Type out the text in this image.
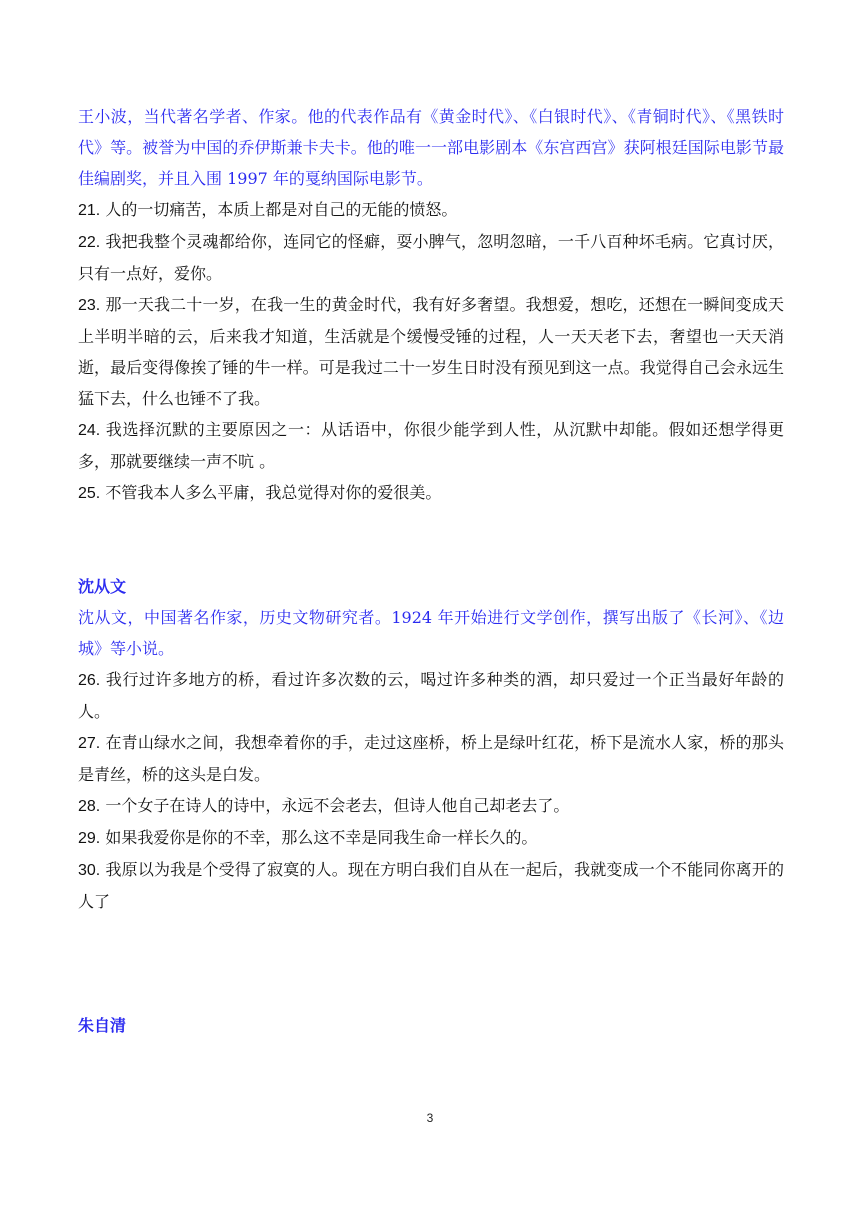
王小波，当代著名学者、作家。他的代表作品有《黄金时代》、《白银时代》、《青铜时代》、《黑铁时代》等。被誉为中国的乔伊斯兼卡夫卡。他的唯一一部电影剧本《东宫西宫》获阿根廷国际电影节最佳编剧奖，并且入围 1997 年的戛纳国际电影节。

21. 人的一切痛苦，本质上都是对自己的无能的愤怒。

22. 我把我整个灵魂都给你，连同它的怪癖，耍小脾气，忽明忽暗，一千八百种坏毛病。它真讨厌，只有一点好，爱你。

23. 那一天我二十一岁，在我一生的黄金时代，我有好多奢望。我想爱，想吃，还想在一瞬间变成天上半明半暗的云，后来我才知道，生活就是个缓慢受锤的过程，人一天天老下去，奢望也一天天消逝，最后变得像挨了锤的牛一样。可是我过二十一岁生日时没有预见到这一点。我觉得自己会永远生猛下去，什么也锤不了我。

24. 我选择沉默的主要原因之一：从话语中，你很少能学到人性，从沉默中却能。假如还想学得更多，那就要继续一声不吭 。

25. 不管我本人多么平庸，我总觉得对你的爱很美。

沈从文

沈从文，中国著名作家，历史文物研究者。1924 年开始进行文学创作，撰写出版了《长河》、《边城》等小说。

26. 我行过许多地方的桥，看过许多次数的云，喝过许多种类的酒，却只爱过一个正当最好年龄的人。

27. 在青山绿水之间，我想牵着你的手，走过这座桥，桥上是绿叶红花，桥下是流水人家，桥的那头是青丝，桥的这头是白发。

28. 一个女子在诗人的诗中，永远不会老去，但诗人他自己却老去了。

29. 如果我爱你是你的不幸，那么这不幸是同我生命一样长久的。

30. 我原以为我是个受得了寂寞的人。现在方明白我们自从在一起后，我就变成一个不能同你离开的人了

朱自清

3
